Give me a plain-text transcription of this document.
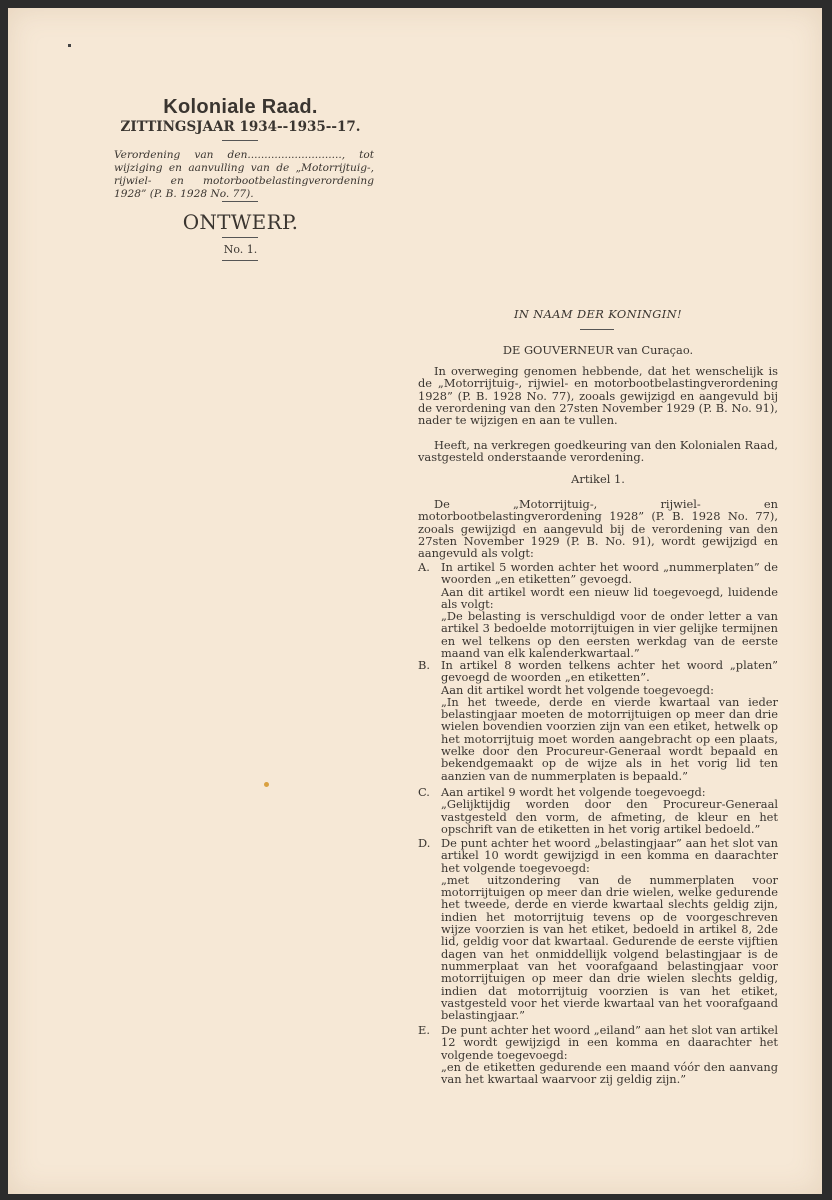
Koloniale Raad.
ZITTINGSJAAR 1934--1935--17.
Verordening van den............................, tot wijziging en aanvulling van de „Motorrijtuig-, rijwiel- en motorbootbelastingverordening 1928” (P. B. 1928 No. 77).
ONTWERP.
No. 1.
IN NAAM DER KONINGIN!
DE GOUVERNEUR van Curaçao.
In overweging genomen hebbende, dat het wenschelijk is de „Motorrijtuig-, rijwiel- en motorbootbelastingverordening 1928” (P. B. 1928 No. 77), zooals gewijzigd en aangevuld bij de verordening van den 27sten November 1929 (P. B. No. 91), nader te wijzigen en aan te vullen.
Heeft, na verkregen goedkeuring van den Kolonialen Raad, vastgesteld onderstaande verordening.
Artikel 1.
De „Motorrijtuig-, rijwiel- en motorbootbelastingverordening 1928” (P. B. 1928 No. 77), zooals gewijzigd en aangevuld bij de verordening van den 27sten November 1929 (P. B. No. 91), wordt gewijzigd en aangevuld als volgt:
A. In artikel 5 worden achter het woord „nummerplaten” de woorden „en etiketten” gevoegd.
Aan dit artikel wordt een nieuw lid toegevoegd, luidende als volgt:
„De belasting is verschuldigd voor de onder letter a van artikel 3 bedoelde motorrijtuigen in vier gelijke termijnen en wel telkens op den eersten werkdag van de eerste maand van elk kalenderkwartaal.”
B. In artikel 8 worden telkens achter het woord „platen” gevoegd de woorden „en etiketten”.
Aan dit artikel wordt het volgende toegevoegd:
„In het tweede, derde en vierde kwartaal van ieder belastingjaar moeten de motorrijtuigen op meer dan drie wielen bovendien voorzien zijn van een etiket, hetwelk op het motorrijtuig moet worden aangebracht op een plaats, welke door den Procureur-Generaal wordt bepaald en bekendgemaakt op de wijze als in het vorig lid ten aanzien van de nummerplaten is bepaald.”
C. Aan artikel 9 wordt het volgende toegevoegd:
„Gelijktijdig worden door den Procureur-Generaal vastgesteld den vorm, de afmeting, de kleur en het opschrift van de etiketten in het vorig artikel bedoeld.”
D. De punt achter het woord „belastingjaar” aan het slot van artikel 10 wordt gewijzigd in een komma en daarachter het volgende toegevoegd:
„met uitzondering van de nummerplaten voor motorrijtuigen op meer dan drie wielen, welke gedurende het tweede, derde en vierde kwartaal slechts geldig zijn, indien het motorrijtuig tevens op de voorgeschreven wijze voorzien is van het etiket, bedoeld in artikel 8, 2de lid, geldig voor dat kwartaal. Gedurende de eerste vijftien dagen van het onmiddellijk volgend belastingjaar is de nummerplaat van het voorafgaand belastingjaar voor motorrijtuigen op meer dan drie wielen slechts geldig, indien dat motorrijtuig voorzien is van het etiket, vastgesteld voor het vierde kwartaal van het voorafgaand belastingjaar.”
E. De punt achter het woord „eiland” aan het slot van artikel 12 wordt gewijzigd in een komma en daarachter het volgende toegevoegd:
„en de etiketten gedurende een maand vóór den aanvang van het kwartaal waarvoor zij geldig zijn.”
